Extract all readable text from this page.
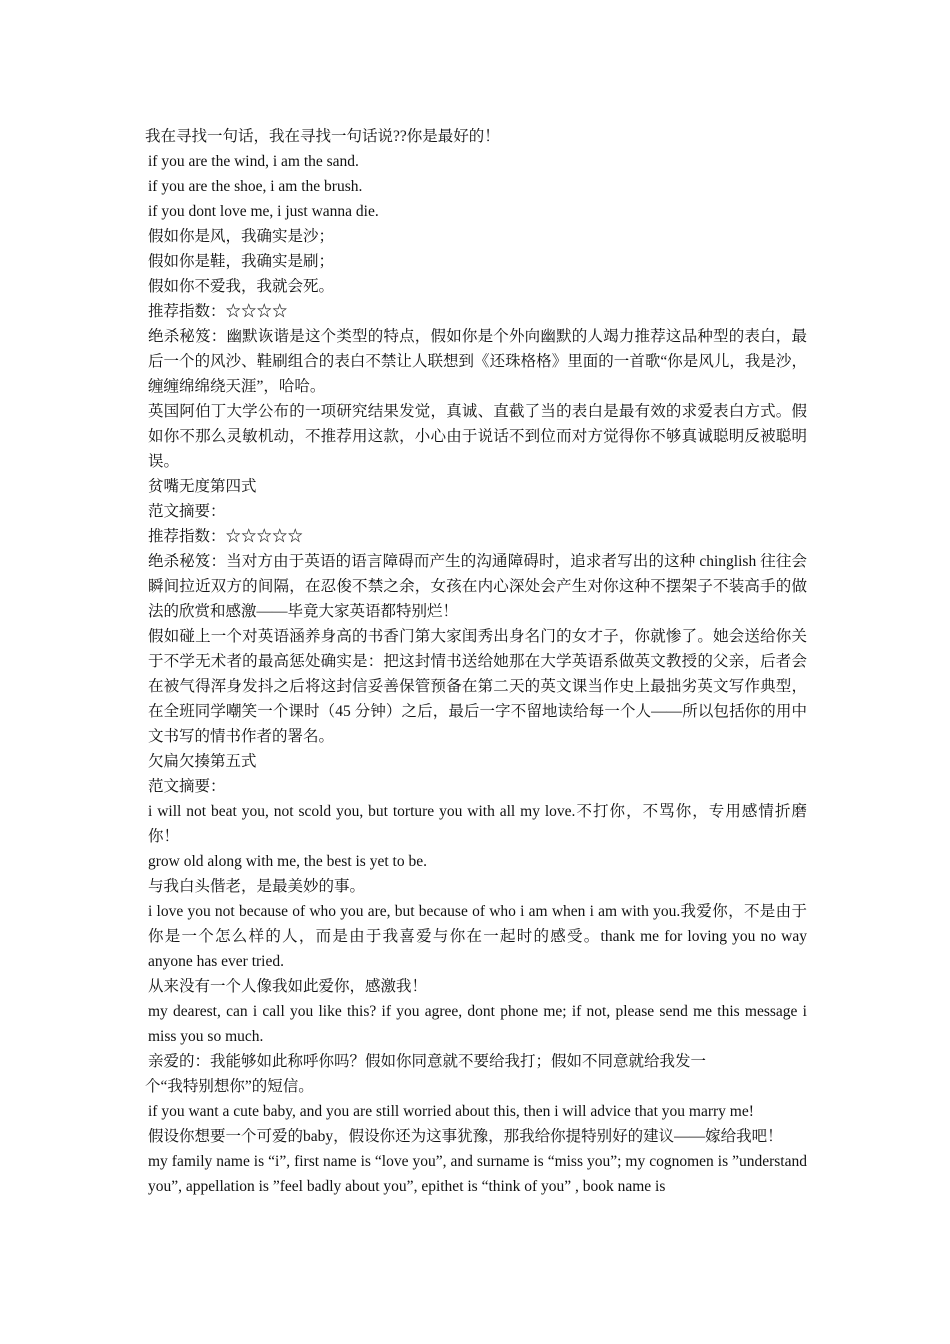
我在寻找一句话，我在寻找一句话说??你是最好的！
if you are the wind, i am the sand.
if you are the shoe, i am the brush.
if you dont love me, i just wanna die.
假如你是风，我确实是沙；
假如你是鞋，我确实是刷；
假如你不爱我，我就会死。
推荐指数：☆☆☆☆
绝杀秘笈：幽默诙谐是这个类型的特点，假如你是个外向幽默的人竭力推荐这品种型的表白，最后一个的风沙、鞋刷组合的表白不禁让人联想到《还珠格格》里面的一首歌“你是风儿，我是沙，缠缠绵绵绕天涯”，哈哈。
英国阿伯丁大学公布的一项研究结果发觉，真诚、直截了当的表白是最有效的求爱表白方式。假如你不那么灵敏机动，不推荐用这款，小心由于说话不到位而对方觉得你不够真诚聪明反被聪明误。
贫嘴无度第四式
范文摘要：
推荐指数：☆☆☆☆☆
绝杀秘笈：当对方由于英语的语言障碍而产生的沟通障碍时，追求者写出的这种 chinglish 往往会瞬间拉近双方的间隔，在忍俊不禁之余，女孩在内心深处会产生对你这种不摆架子不装高手的做法的欣赏和感激——毕竟大家英语都特别烂！
假如碰上一个对英语涵养身高的书香门第大家闺秀出身名门的女才子，你就惨了。她会送给你关于不学无术者的最高惩处确实是：把这封情书送给她那在大学英语系做英文教授的父亲，后者会在被气得浑身发抖之后将这封信妥善保管预备在第二天的英文课当作史上最拙劣英文写作典型，在全班同学嘲笑一个课时（45 分钟）之后，最后一字不留地读给每一个人——所以包括你的用中文书写的情书作者的署名。
欠扁欠揍第五式
范文摘要：
i will not beat you, not scold you, but torture you with all my love.不打你，不骂你，专用感情折磨你！
grow old along with me, the best is yet to be.
与我白头偕老，是最美妙的事。
i love you not because of who you are, but because of who i am when i am with you.我爱你，不是由于你是一个怎么样的人，而是由于我喜爱与你在一起时的感受。thank me for loving you no way anyone has ever tried.
从来没有一个人像我如此爱你，感激我！
my dearest, can i call you like this? if you agree, dont phone me; if not, please send me this message i miss you so much.
亲爱的：我能够如此称呼你吗？假如你同意就不要给我打；假如不同意就给我发一
个“我特别想你”的短信。
if you want a cute baby, and you are still worried about this, then i will advice that you marry me!
假设你想要一个可爱的baby，假设你还为这事犹豫，那我给你提特别好的建议——嫁给我吧！
my family name is “i”, first name is “love you”, and surname is “miss you”; my cognomen is ”understand you”, appellation is ”feel badly about you”, epithet is “think of you” , book name is
